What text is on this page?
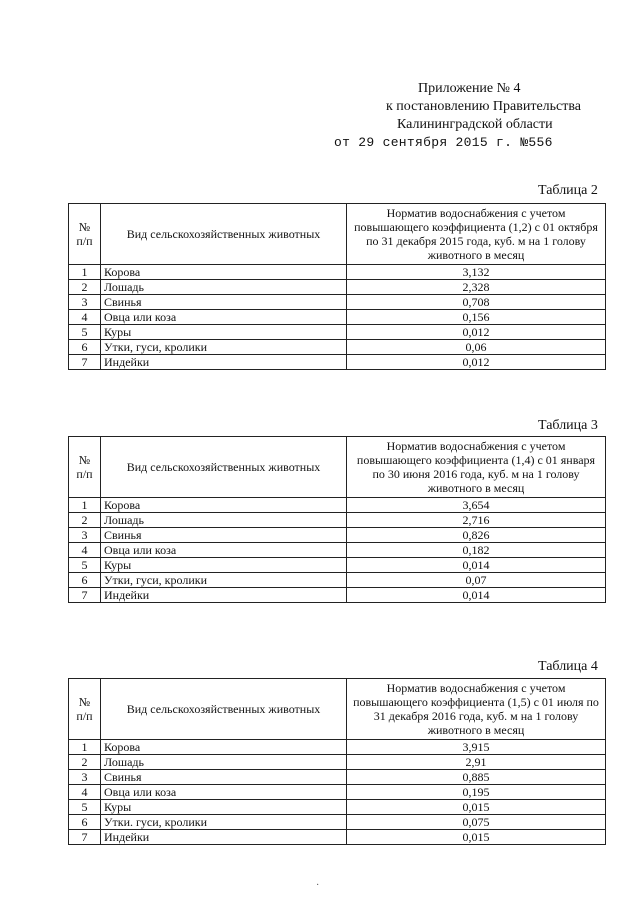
Приложение № 4
к постановлению Правительства
Калининградской области
от 29 сентября 2015 г. №556
Таблица 2
№
п/п	Вид сельскохозяйственных животных	Норматив водоснабжения с учетом повышающего коэффициента (1,2) с 01 октября по 31 декабря 2015 года, куб. м на 1 голову животного в месяц
1	Корова	3,132
2	Лошадь	2,328
3	Свинья	0,708
4	Овца или коза	0,156
5	Куры	0,012
6	Утки, гуси, кролики	0,06
7	Индейки	0,012
Таблица 3
№
п/п	Вид сельскохозяйственных животных	Норматив водоснабжения с учетом повышающего коэффициента (1,4) с 01 января по 30 июня 2016 года, куб. м на 1 голову животного в месяц
1	Корова	3,654
2	Лошадь	2,716
3	Свинья	0,826
4	Овца или коза	0,182
5	Куры	0,014
6	Утки, гуси, кролики	0,07
7	Индейки	0,014
Таблица 4
№
п/п	Вид сельскохозяйственных животных	Норматив водоснабжения с учетом повышающего коэффициента (1,5) с 01 июля по 31 декабря 2016 года, куб. м на 1 голову животного в месяц
1	Корова	3,915
2	Лошадь	2,91
3	Свинья	0,885
4	Овца или коза	0,195
5	Куры	0,015
6	Утки. гуси, кролики	0,075
7	Индейки	0,015
·
